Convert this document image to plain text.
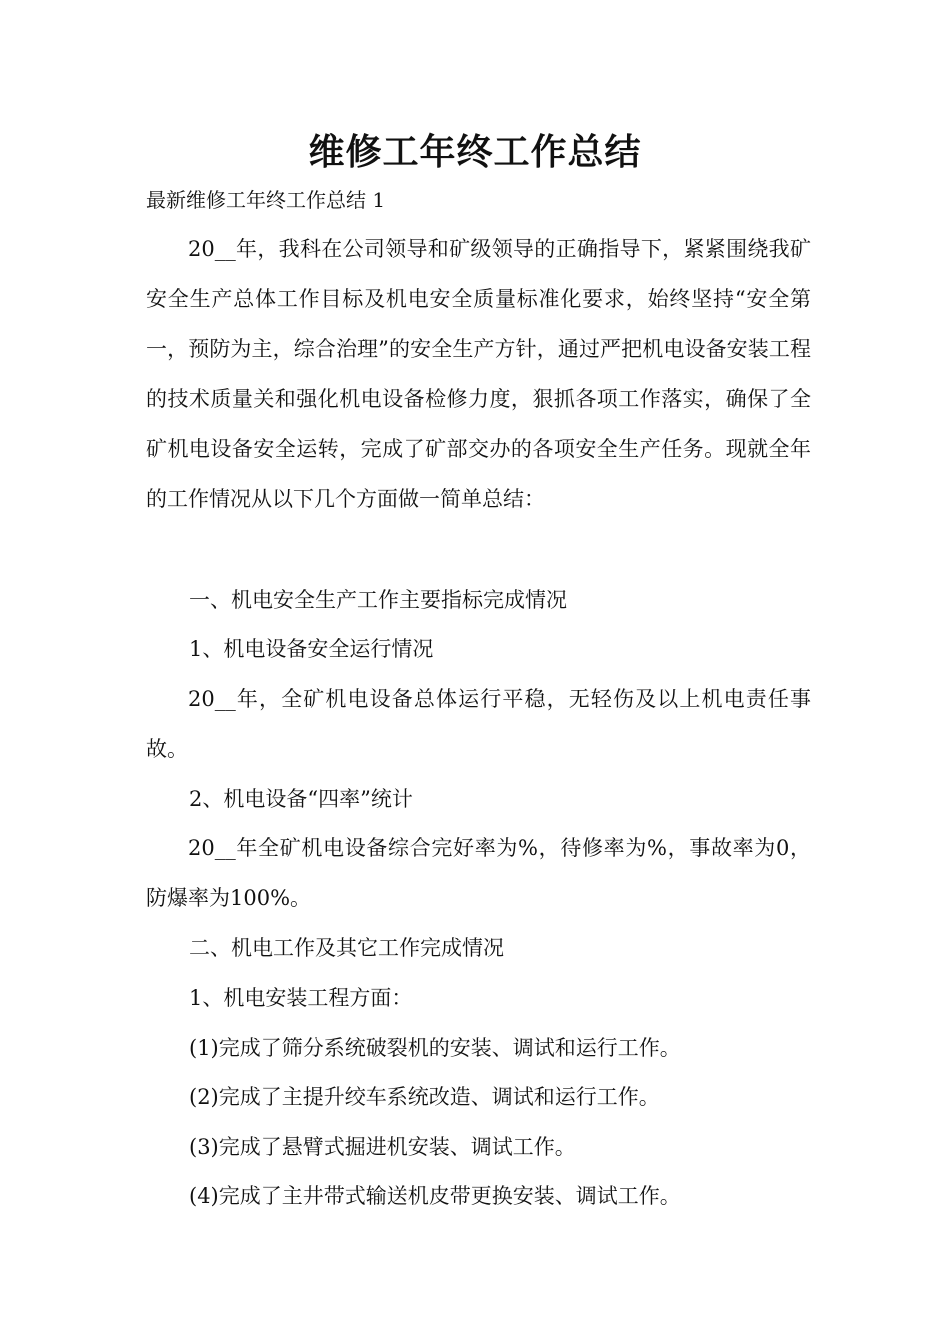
维修工年终工作总结

最新维修工年终工作总结 1

20__年，我科在公司领导和矿级领导的正确指导下，紧紧围绕我矿安全生产总体工作目标及机电安全质量标准化要求，始终坚持“安全第一，预防为主，综合治理”的安全生产方针，通过严把机电设备安装工程的技术质量关和强化机电设备检修力度，狠抓各项工作落实，确保了全矿机电设备安全运转，完成了矿部交办的各项安全生产任务。现就全年的工作情况从以下几个方面做一简单总结：

一、机电安全生产工作主要指标完成情况

1、机电设备安全运行情况

20__年，全矿机电设备总体运行平稳，无轻伤及以上机电责任事故。

2、机电设备“四率”统计

20__年全矿机电设备综合完好率为%，待修率为%，事故率为0，防爆率为100%。

二、机电工作及其它工作完成情况

1、机电安装工程方面：

(1)完成了筛分系统破裂机的安装、调试和运行工作。

(2)完成了主提升绞车系统改造、调试和运行工作。

(3)完成了悬臂式掘进机安装、调试工作。

(4)完成了主井带式输送机皮带更换安装、调试工作。
